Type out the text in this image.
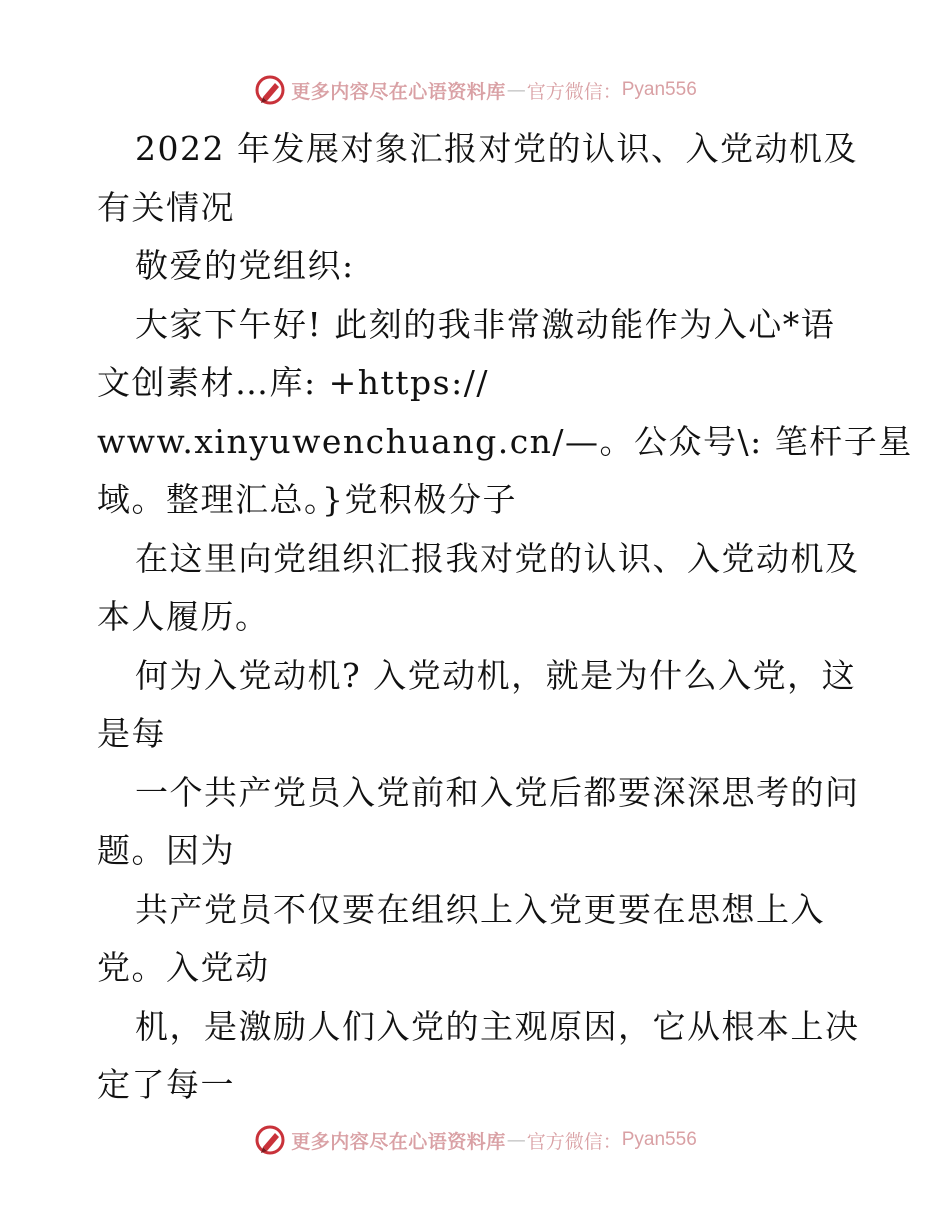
更多内容尽在心语资料库 — 官方微信： Pyan556
2022 年发展对象汇报对党的认识、入党动机及
有关情况
敬爱的党组织:
大家下午好! 此刻的我非常激动能作为入心*语
文创素材…库: +https://
www.xinyuwenchuang.cn/—。公众号\: 笔杆子星
域。整理汇总。}党积极分子
在这里向党组织汇报我对党的认识、入党动机及
本人履历。
何为入党动机? 入党动机，就是为什么入党，这
是每
一个共产党员入党前和入党后都要深深思考的问
题。因为
共产党员不仅要在组织上入党更要在思想上入
党。入党动
机，是激励人们入党的主观原因，它从根本上决
定了每一
更多内容尽在心语资料库 — 官方微信： Pyan556
